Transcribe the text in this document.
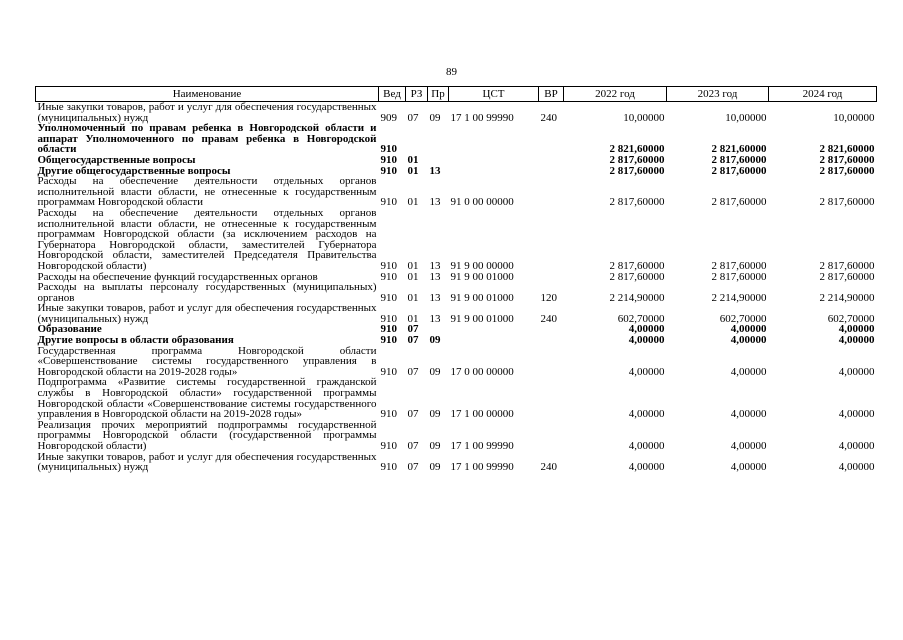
89
Наименование	Вед	РЗ	Пр	ЦСТ	ВР	2022 год	2023 год	2024 год
Иные закупки товаров, работ и услуг для обеспечения государственных (муниципальных) нужд	909	07	09	17 1 00 99990	240	10,00000	10,00000	10,00000
Уполномоченный по правам ребенка в Новгородской области и аппарат Уполномоченного по правам ребенка в Новгородской области	910					2 821,60000	2 821,60000	2 821,60000
Общегосударственные вопросы	910	01				2 817,60000	2 817,60000	2 817,60000
Другие общегосударственные вопросы	910	01	13			2 817,60000	2 817,60000	2 817,60000
Расходы на обеспечение деятельности отдельных органов исполнительной власти области, не отнесенные к государственным программам Новгородской области	910	01	13	91 0 00 00000		2 817,60000	2 817,60000	2 817,60000
Расходы на обеспечение деятельности отдельных органов исполнительной власти области, не отнесенные к государственным программам Новгородской области (за исключением расходов на Губернатора Новгородской области, заместителей Губернатора Новгородской области, заместителей Председателя Правительства Новгородской области)	910	01	13	91 9 00 00000		2 817,60000	2 817,60000	2 817,60000
Расходы на обеспечение функций государственных органов	910	01	13	91 9 00 01000		2 817,60000	2 817,60000	2 817,60000
Расходы на выплаты персоналу государственных (муниципальных) органов	910	01	13	91 9 00 01000	120	2 214,90000	2 214,90000	2 214,90000
Иные закупки товаров, работ и услуг для обеспечения государственных (муниципальных) нужд	910	01	13	91 9 00 01000	240	602,70000	602,70000	602,70000
Образование	910	07				4,00000	4,00000	4,00000
Другие вопросы в области образования	910	07	09			4,00000	4,00000	4,00000
Государственная программа Новгородской области «Совершенствование системы государственного управления в Новгородской области на 2019-2028 годы»	910	07	09	17 0 00 00000		4,00000	4,00000	4,00000
Подпрограмма «Развитие системы государственной гражданской службы в Новгородской области» государственной программы Новгородской области «Совершенствование системы государственного управления в Новгородской области на 2019-2028 годы»	910	07	09	17 1 00 00000		4,00000	4,00000	4,00000
Реализация прочих мероприятий подпрограммы государственной программы Новгородской области (государственной программы Новгородской области)	910	07	09	17 1 00 99990		4,00000	4,00000	4,00000
Иные закупки товаров, работ и услуг для обеспечения государственных (муниципальных) нужд	910	07	09	17 1 00 99990	240	4,00000	4,00000	4,00000
